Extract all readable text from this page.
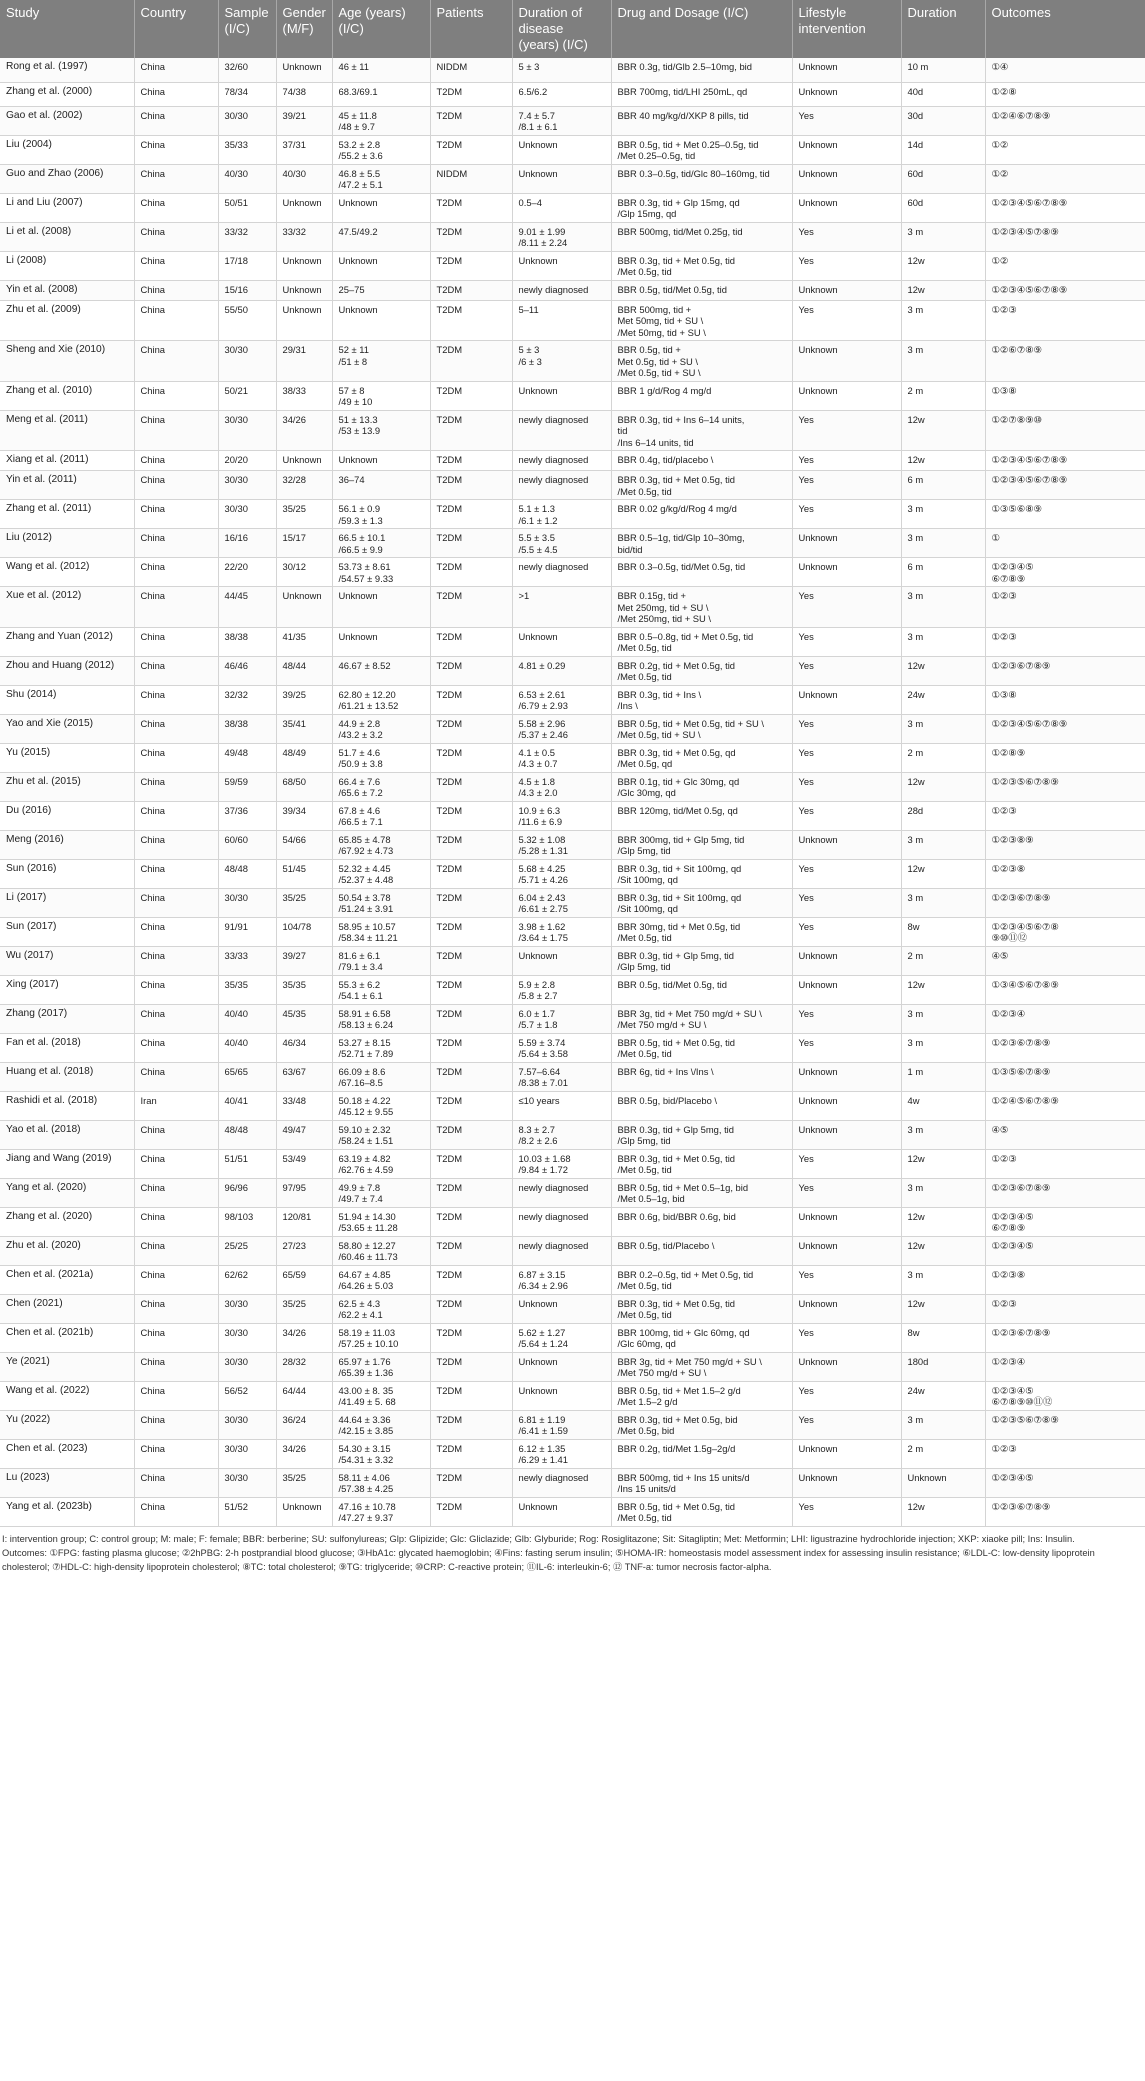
Study	Country	Sample (I/C)	Gender (M/F)	Age (years) (I/C)	Patients	Duration of disease (years) (I/C)	Drug and Dosage (I/C)	Lifestyle intervention	Duration	Outcomes
Rong et al. (1997)	China	32/60	Unknown	46 ± 11	NIDDM	5 ± 3	BBR 0.3g, tid/Glb 2.5–10mg, bid	Unknown	10 m	①④
Zhang et al. (2000)	China	78/34	74/38	68.3/69.1	T2DM	6.5/6.2	BBR 700mg, tid/LHI 250mL, qd	Unknown	40d	①②⑧
Gao et al. (2002)	China	30/30	39/21	45 ± 11.8
/48 ± 9.7	T2DM	7.4 ± 5.7
/8.1 ± 6.1	BBR 40 mg/kg/d/XKP 8 pills, tid	Yes	30d	①②④⑥⑦⑧⑨
Liu (2004)	China	35/33	37/31	53.2 ± 2.8
/55.2 ± 3.6	T2DM	Unknown	BBR 0.5g, tid + Met 0.25–0.5g, tid
/Met 0.25–0.5g, tid	Unknown	14d	①②
Guo and Zhao (2006)	China	40/30	40/30	46.8 ± 5.5
/47.2 ± 5.1	NIDDM	Unknown	BBR 0.3–0.5g, tid/Glc 80–160mg, tid	Unknown	60d	①②
Li and Liu (2007)	China	50/51	Unknown	Unknown	T2DM	0.5–4	BBR 0.3g, tid + Glp 15mg, qd
/Glp 15mg, qd	Unknown	60d	①②③④⑤⑥⑦⑧⑨
Li et al. (2008)	China	33/32	33/32	47.5/49.2	T2DM	9.01 ± 1.99
/8.11 ± 2.24	BBR 500mg, tid/Met 0.25g, tid	Yes	3 m	①②③④⑤⑦⑧⑨
Li (2008)	China	17/18	Unknown	Unknown	T2DM	Unknown	BBR 0.3g, tid + Met 0.5g, tid
/Met 0.5g, tid	Yes	12w	①②
Yin et al. (2008)	China	15/16	Unknown	25–75	T2DM	newly diagnosed	BBR 0.5g, tid/Met 0.5g, tid	Unknown	12w	①②③④⑤⑥⑦⑧⑨
Zhu et al. (2009)	China	55/50	Unknown	Unknown	T2DM	5–11	BBR 500mg, tid +
Met 50mg, tid + SU \
/Met 50mg, tid + SU \	Yes	3 m	①②③
Sheng and Xie (2010)	China	30/30	29/31	52 ± 11
/51 ± 8	T2DM	5 ± 3
/6 ± 3	BBR 0.5g, tid +
Met 0.5g, tid + SU \
/Met 0.5g, tid + SU \	Unknown	3 m	①②⑥⑦⑧⑨
Zhang et al. (2010)	China	50/21	38/33	57 ± 8
/49 ± 10	T2DM	Unknown	BBR 1 g/d/Rog 4 mg/d	Unknown	2 m	①③⑧
Meng et al. (2011)	China	30/30	34/26	51 ± 13.3
/53 ± 13.9	T2DM	newly diagnosed	BBR 0.3g, tid + Ins 6–14 units,
tid
/Ins 6–14 units, tid	Yes	12w	①②⑦⑧⑨⑩
Xiang et al. (2011)	China	20/20	Unknown	Unknown	T2DM	newly diagnosed	BBR 0.4g, tid/placebo \	Yes	12w	①②③④⑤⑥⑦⑧⑨
Yin et al. (2011)	China	30/30	32/28	36–74	T2DM	newly diagnosed	BBR 0.3g, tid + Met 0.5g, tid
/Met 0.5g, tid	Yes	6 m	①②③④⑤⑥⑦⑧⑨
Zhang et al. (2011)	China	30/30	35/25	56.1 ± 0.9
/59.3 ± 1.3	T2DM	5.1 ± 1.3
/6.1 ± 1.2	BBR 0.02 g/kg/d/Rog 4 mg/d	Yes	3 m	①③⑤⑥⑧⑨
Liu (2012)	China	16/16	15/17	66.5 ± 10.1
/66.5 ± 9.9	T2DM	5.5 ± 3.5
/5.5 ± 4.5	BBR 0.5–1g, tid/Glp 10–30mg,
bid/tid	Unknown	3 m	①
Wang et al. (2012)	China	22/20	30/12	53.73 ± 8.61
/54.57 ± 9.33	T2DM	newly diagnosed	BBR 0.3–0.5g, tid/Met 0.5g, tid	Unknown	6 m	①②③④⑤
⑥⑦⑧⑨
Xue et al. (2012)	China	44/45	Unknown	Unknown	T2DM	>1	BBR 0.15g, tid +
Met 250mg, tid + SU \
/Met 250mg, tid + SU \	Yes	3 m	①②③
Zhang and Yuan (2012)	China	38/38	41/35	Unknown	T2DM	Unknown	BBR 0.5–0.8g, tid + Met 0.5g, tid
/Met 0.5g, tid	Yes	3 m	①②③
Zhou and Huang (2012)	China	46/46	48/44	46.67 ± 8.52	T2DM	4.81 ± 0.29	BBR 0.2g, tid + Met 0.5g, tid
/Met 0.5g, tid	Yes	12w	①②③⑥⑦⑧⑨
Shu (2014)	China	32/32	39/25	62.80 ± 12.20
/61.21 ± 13.52	T2DM	6.53 ± 2.61
/6.79 ± 2.93	BBR 0.3g, tid + Ins \
/Ins \	Unknown	24w	①③⑧
Yao and Xie (2015)	China	38/38	35/41	44.9 ± 2.8
/43.2 ± 3.2	T2DM	5.58 ± 2.96
/5.37 ± 2.46	BBR 0.5g, tid + Met 0.5g, tid + SU \
/Met 0.5g, tid + SU \	Yes	3 m	①②③④⑤⑥⑦⑧⑨
Yu (2015)	China	49/48	48/49	51.7 ± 4.6
/50.9 ± 3.8	T2DM	4.1 ± 0.5
/4.3 ± 0.7	BBR 0.3g, tid + Met 0.5g, qd
/Met 0.5g, qd	Yes	2 m	①②⑧⑨
Zhu et al. (2015)	China	59/59	68/50	66.4 ± 7.6
/65.6 ± 7.2	T2DM	4.5 ± 1.8
/4.3 ± 2.0	BBR 0.1g, tid + Glc 30mg, qd
/Glc 30mg, qd	Yes	12w	①②③⑤⑥⑦⑧⑨
Du (2016)	China	37/36	39/34	67.8 ± 4.6
/66.5 ± 7.1	T2DM	10.9 ± 6.3
/11.6 ± 6.9	BBR 120mg, tid/Met 0.5g, qd	Yes	28d	①②③
Meng (2016)	China	60/60	54/66	65.85 ± 4.78
/67.92 ± 4.73	T2DM	5.32 ± 1.08
/5.28 ± 1.31	BBR 300mg, tid + Glp 5mg, tid
/Glp 5mg, tid	Unknown	3 m	①②③⑧⑨
Sun (2016)	China	48/48	51/45	52.32 ± 4.45
/52.37 ± 4.48	T2DM	5.68 ± 4.25
/5.71 ± 4.26	BBR 0.3g, tid + Sit 100mg, qd
/Sit 100mg, qd	Yes	12w	①②③⑧
Li (2017)	China	30/30	35/25	50.54 ± 3.78
/51.24 ± 3.91	T2DM	6.04 ± 2.43
/6.61 ± 2.75	BBR 0.3g, tid + Sit 100mg, qd
/Sit 100mg, qd	Yes	3 m	①②③⑥⑦⑧⑨
Sun (2017)	China	91/91	104/78	58.95 ± 10.57
/58.34 ± 11.21	T2DM	3.98 ± 1.62
/3.64 ± 1.75	BBR 30mg, tid + Met 0.5g, tid
/Met 0.5g, tid	Yes	8w	①②③④⑤⑥⑦⑧
⑨⑩⑪⑫
Wu (2017)	China	33/33	39/27	81.6 ± 6.1
/79.1 ± 3.4	T2DM	Unknown	BBR 0.3g, tid + Glp 5mg, tid
/Glp 5mg, tid	Unknown	2 m	④⑤
Xing (2017)	China	35/35	35/35	55.3 ± 6.2
/54.1 ± 6.1	T2DM	5.9 ± 2.8
/5.8 ± 2.7	BBR 0.5g, tid/Met 0.5g, tid	Unknown	12w	①③④⑤⑥⑦⑧⑨
Zhang (2017)	China	40/40	45/35	58.91 ± 6.58
/58.13 ± 6.24	T2DM	6.0 ± 1.7
/5.7 ± 1.8	BBR 3g, tid + Met 750 mg/d + SU \
/Met 750 mg/d + SU \	Yes	3 m	①②③④
Fan et al. (2018)	China	40/40	46/34	53.27 ± 8.15
/52.71 ± 7.89	T2DM	5.59 ± 3.74
/5.64 ± 3.58	BBR 0.5g, tid + Met 0.5g, tid
/Met 0.5g, tid	Yes	3 m	①②③⑥⑦⑧⑨
Huang et al. (2018)	China	65/65	63/67	66.09 ± 8.6
/67.16–8.5	T2DM	7.57–6.64
/8.38 ± 7.01	BBR 6g, tid + Ins \/Ins \	Unknown	1 m	①③⑤⑥⑦⑧⑨
Rashidi et al. (2018)	Iran	40/41	33/48	50.18 ± 4.22
/45.12 ± 9.55	T2DM	≤10 years	BBR 0.5g, bid/Placebo \	Unknown	4w	①②④⑤⑥⑦⑧⑨
Yao et al. (2018)	China	48/48	49/47	59.10 ± 2.32
/58.24 ± 1.51	T2DM	8.3 ± 2.7
/8.2 ± 2.6	BBR 0.3g, tid + Glp 5mg, tid
/Glp 5mg, tid	Unknown	3 m	④⑤
Jiang and Wang (2019)	China	51/51	53/49	63.19 ± 4.82
/62.76 ± 4.59	T2DM	10.03 ± 1.68
/9.84 ± 1.72	BBR 0.3g, tid + Met 0.5g, tid
/Met 0.5g, tid	Yes	12w	①②③
Yang et al. (2020)	China	96/96	97/95	49.9 ± 7.8
/49.7 ± 7.4	T2DM	newly diagnosed	BBR 0.5g, tid + Met 0.5–1g, bid
/Met 0.5–1g, bid	Yes	3 m	①②③⑥⑦⑧⑨
Zhang et al. (2020)	China	98/103	120/81	51.94 ± 14.30
/53.65 ± 11.28	T2DM	newly diagnosed	BBR 0.6g, bid/BBR 0.6g, bid	Unknown	12w	①②③④⑤
⑥⑦⑧⑨
Zhu et al. (2020)	China	25/25	27/23	58.80 ± 12.27
/60.46 ± 11.73	T2DM	newly diagnosed	BBR 0.5g, tid/Placebo \	Unknown	12w	①②③④⑤
Chen et al. (2021a)	China	62/62	65/59	64.67 ± 4.85
/64.26 ± 5.03	T2DM	6.87 ± 3.15
/6.34 ± 2.96	BBR 0.2–0.5g, tid + Met 0.5g, tid
/Met 0.5g, tid	Yes	3 m	①②③⑧
Chen (2021)	China	30/30	35/25	62.5 ± 4.3
/62.2 ± 4.1	T2DM	Unknown	BBR 0.3g, tid + Met 0.5g, tid
/Met 0.5g, tid	Unknown	12w	①②③
Chen et al. (2021b)	China	30/30	34/26	58.19 ± 11.03
/57.25 ± 10.10	T2DM	5.62 ± 1.27
/5.64 ± 1.24	BBR 100mg, tid + Glc 60mg, qd
/Glc 60mg, qd	Yes	8w	①②③⑥⑦⑧⑨
Ye (2021)	China	30/30	28/32	65.97 ± 1.76
/65.39 ± 1.36	T2DM	Unknown	BBR 3g, tid + Met 750 mg/d + SU \
/Met 750 mg/d + SU \	Unknown	180d	①②③④
Wang et al. (2022)	China	56/52	64/44	43.00 ± 8. 35
/41.49 ± 5. 68	T2DM	Unknown	BBR 0.5g, tid + Met 1.5–2 g/d
/Met 1.5–2 g/d	Yes	24w	①②③④⑤
⑥⑦⑧⑨⑩⑪⑫
Yu (2022)	China	30/30	36/24	44.64 ± 3.36
/42.15 ± 3.85	T2DM	6.81 ± 1.19
/6.41 ± 1.59	BBR 0.3g, tid + Met 0.5g, bid
/Met 0.5g, bid	Yes	3 m	①②③⑤⑥⑦⑧⑨
Chen et al. (2023)	China	30/30	34/26	54.30 ± 3.15
/54.31 ± 3.32	T2DM	6.12 ± 1.35
/6.29 ± 1.41	BBR 0.2g, tid/Met 1.5g–2g/d	Unknown	2 m	①②③
Lu (2023)	China	30/30	35/25	58.11 ± 4.06
/57.38 ± 4.25	T2DM	newly diagnosed	BBR 500mg, tid + Ins 15 units/d
/Ins 15 units/d	Unknown	Unknown	①②③④⑤
Yang et al. (2023b)	China	51/52	Unknown	47.16 ± 10.78
/47.27 ± 9.37	T2DM	Unknown	BBR 0.5g, tid + Met 0.5g, tid
/Met 0.5g, tid	Yes	12w	①②③⑥⑦⑧⑨
I: intervention group; C: control group; M: male; F: female; BBR: berberine; SU: sulfonylureas; Glp: Glipizide; Glc: Gliclazide; Glb: Glyburide; Rog: Rosiglitazone; Sit: Sitagliptin; Met: Metformin; LHI: ligustrazine hydrochloride injection; XKP: xiaoke pill; Ins: Insulin.
Outcomes: ①FPG: fasting plasma glucose; ②2hPBG: 2-h postprandial blood glucose; ③HbA1c: glycated haemoglobin; ④Fins: fasting serum insulin; ⑤HOMA-IR: homeostasis model assessment index for assessing insulin resistance; ⑥LDL-C: low-density lipoprotein cholesterol; ⑦HDL-C: high-density lipoprotein cholesterol; ⑧TC: total cholesterol; ⑨TG: triglyceride; ⑩CRP: C-reactive protein; ⑪IL-6: interleukin-6; ⑫ TNF-a: tumor necrosis factor-alpha.
